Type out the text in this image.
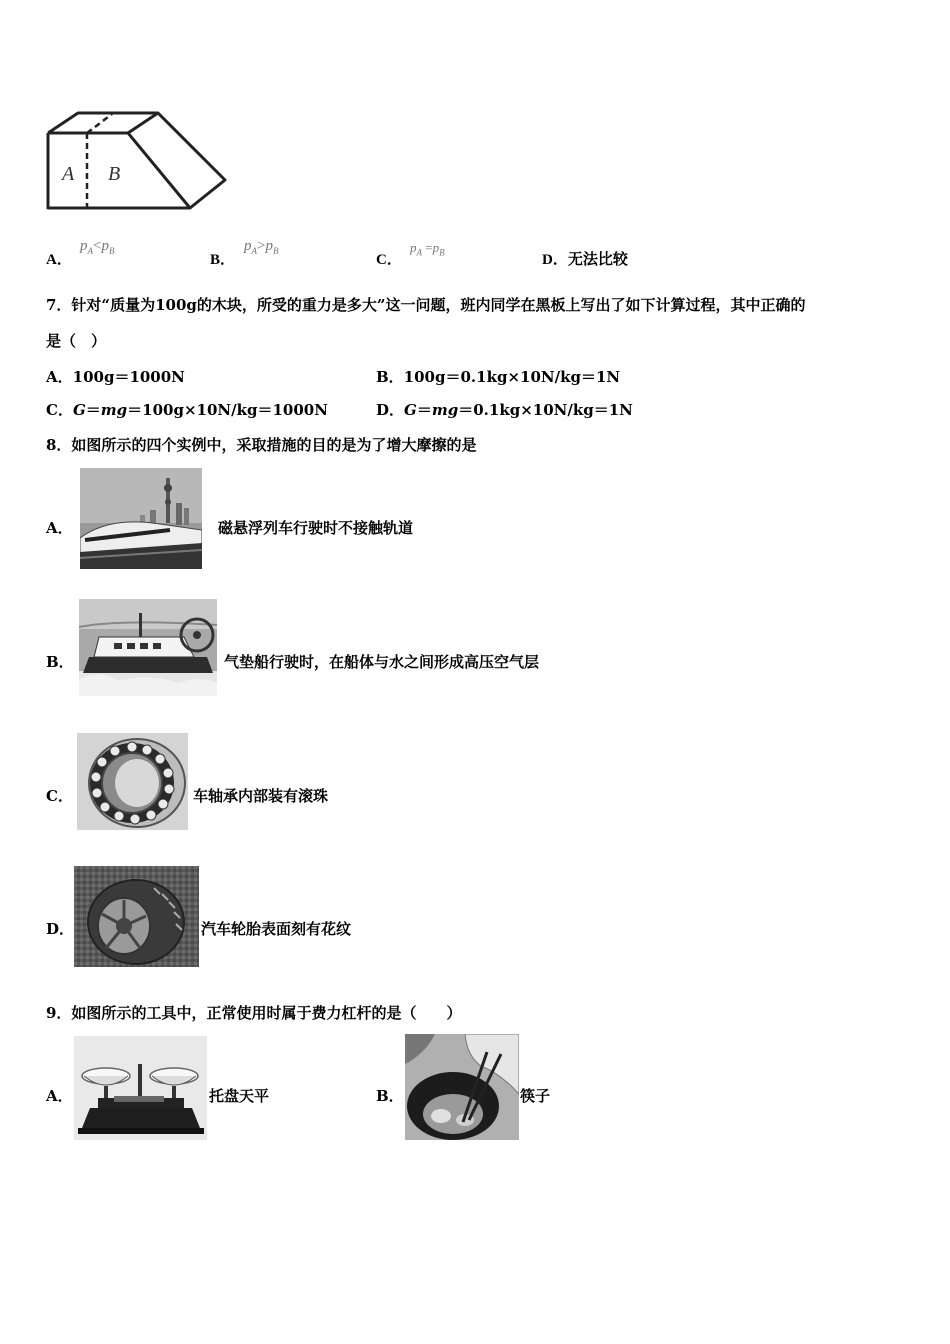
A B
A．
$p_A<p_B$
B．
$p_A>p_B$
C．
$p_A =p_B$	D．无法比较
7．针对“质量为100g的木块，所受的重力是多大”这一问题，班内同学在黑板上写出了如下计算过程，其中正确的
是（　）
A．100g＝1000N	B．100g＝0.1kg×10N/kg＝1N
C．G＝mg＝100g×10N/kg＝1000N	D．G＝mg＝0.1kg×10N/kg＝1N
8．如图所示的四个实例中，采取措施的目的是为了增大摩擦的是
A．	磁悬浮列车行驶时不接触轨道
B．	气垫船行驶时，在船体与水之间形成高压空气层
C．	车轴承内部装有滚珠
D．	汽车轮胎表面刻有花纹
9．如图所示的工具中，正常使用时属于费力杠杆的是（　　）
A．	托盘天平	B．	筷子
